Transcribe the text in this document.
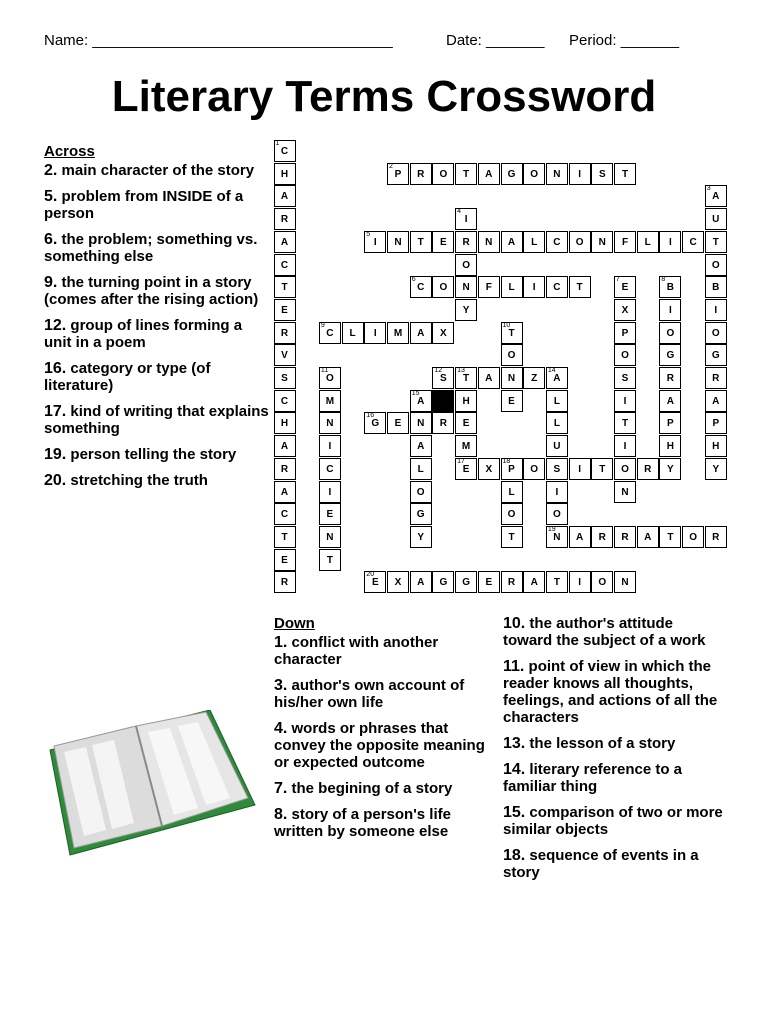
Name: ____________________________________	Date: _______ Period: _______
Literary Terms Crossword
C
1
H
A
R
A
C
T
E
R
V
S
C
H
A
R
A
C
T
E
R
P
2
R	O	T	A	G	O	N	I	S	T
A
3
U
T
O
B
I
O
G
R
A
P
H
Y
I
4
R
O
N
Y
I
5
N	T	E	N	A	L	C	O	N	F	L	I	C
C
6
O	F	L	I	C	T	E
7
X
P
O
S
I
T
I
O
N
B
8
I
O
G
R
A
P
H
Y
C
9
L	I	M	A	X	T
10
O
N
E
O
11
M
N
I
C
I
E
N
T
S
12
T
13
A	Z	A
14
H
E
M
E
17
L
L
U
S
I
O
N
19
A
15
N
A
L
O
G
Y
G
16
E	R
X	P
18
O	I	T	R
L
O
T	A	R	R	A	T	O	R
E
20
X	A	G	G	E	R	A	T	I	O	N
Across
2. main character of the story
5. problem from INSIDE of a person
6. the problem; something vs. something else
9. the turning point in a story (comes after the rising action)
12. group of lines forming a unit in a poem
16. category or type (of literature)
17. kind of writing that explains something
19. person telling the story
20. stretching the truth
Down
1. conflict with another character
3. author's own account of his/her own life
4. words or phrases that convey the opposite meaning or expected outcome
7. the begining of a story
8. story of a person's life written by someone else
10. the author's attitude toward the subject of a work
11. point of view in which the reader knows all thoughts, feelings, and actions of all the characters
13. the lesson of a story
14. literary reference to a familiar thing
15. comparison of two or more similar objects
18. sequence of events in a story
